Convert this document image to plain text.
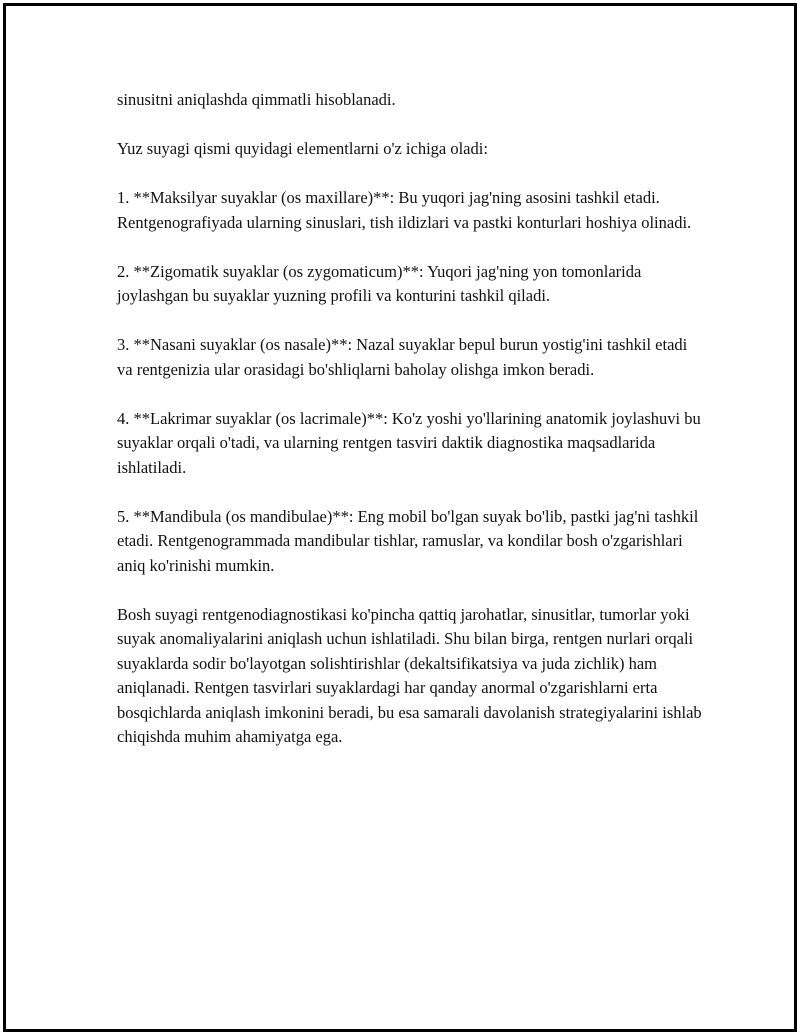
sinusitni aniqlashda qimmatli hisoblanadi.

Yuz suyagi qismi quyidagi elementlarni o'z ichiga oladi:

1. **Maksilyar suyaklar (os maxillare)**: Bu yuqori jag'ning asosini tashkil etadi. Rentgenografiyada ularning sinuslari, tish ildizlari va pastki konturlari hoshiya olinadi.

2. **Zigomatik suyaklar (os zygomaticum)**: Yuqori jag'ning yon tomonlarida joylashgan bu suyaklar yuzning profili va konturini tashkil qiladi.

3. **Nasani suyaklar (os nasale)**: Nazal suyaklar bepul burun yostig'ini tashkil etadi va rentgenizia ular orasidagi bo'shliqlarni baholay olishga imkon beradi.

4. **Lakrimar suyaklar (os lacrimale)**: Ko'z yoshi yo'llarining anatomik joylashuvi bu suyaklar orqali o'tadi, va ularning rentgen tasviri daktik diagnostika maqsadlarida ishlatiladi.

5. **Mandibula (os mandibulae)**: Eng mobil bo'lgan suyak bo'lib, pastki jag'ni tashkil etadi. Rentgenogrammada mandibular tishlar, ramuslar, va kondilar bosh o'zgarishlari aniq ko'rinishi mumkin.

Bosh suyagi rentgenodiagnostikasi ko'pincha qattiq jarohatlar, sinusitlar, tumorlar yoki suyak anomaliyalarini aniqlash uchun ishlatiladi. Shu bilan birga, rentgen nurlari orqali suyaklarda sodir bo'layotgan solishtirishlar (dekaltsifikatsiya va juda zichlik) ham aniqlanadi. Rentgen tasvirlari suyaklardagi har qanday anormal o'zgarishlarni erta bosqichlarda aniqlash imkonini beradi, bu esa samarali davolanish strategiyalarini ishlab chiqishda muhim ahamiyatga ega.
